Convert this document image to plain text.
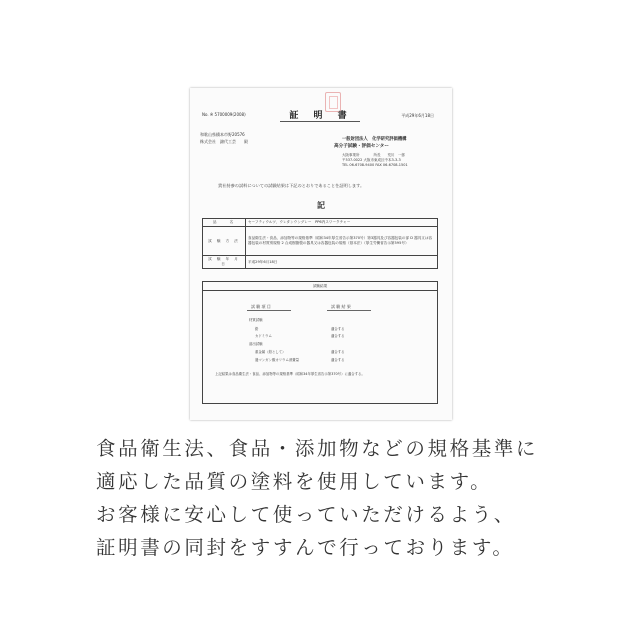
No. ※ 5700009(2008)	平成29年6月18日
証 明 書
和歌山県橋本市野20576
株式会社　錦代工芸　　殿	一般財団法人　化学研究評価機構
高分子試験・評価センター
大阪事業所　　　　所長　　荒川　一郎
〒537-0022 大阪市東成区中本3-3-3
TEL 06-6708-9400 FAX 06-6708-1501
貴社持参の試料についての試験結果は下記のとおりであることを証明します。
記
品　　名	セーフティウルツ、ウレタンウングレー　PP6内スワークチャー
試 験 方 法	食品衛生法・食品、添加物等の規格基準（昭和34年厚生省告示第370号）第3器具及び容器包装の部 D 器具又は容器包装の材質別規格 2 合成樹脂製の器具又は容器包装の規格（基本法）（厚生労働省告示第595号）
試 験 年 月 日	平成29年6月18日
試験結果
試 験 項 目	試 験 結 果
材質試験
鉛	適合する
カドミウム	適合する
溶出試験
重金属（鉛として）	適合する
過マンガン酸カリウム消費量	適合する
上記結果は食品衛生法・食品、添加物等の規格基準（昭和34年厚生省告示第370号）に適合する。
食品衛生法、食品・添加物などの規格基準に
適応した品質の塗料を使用しています。
お客様に安心して使っていただけるよう、
証明書の同封をすすんで行っております。
